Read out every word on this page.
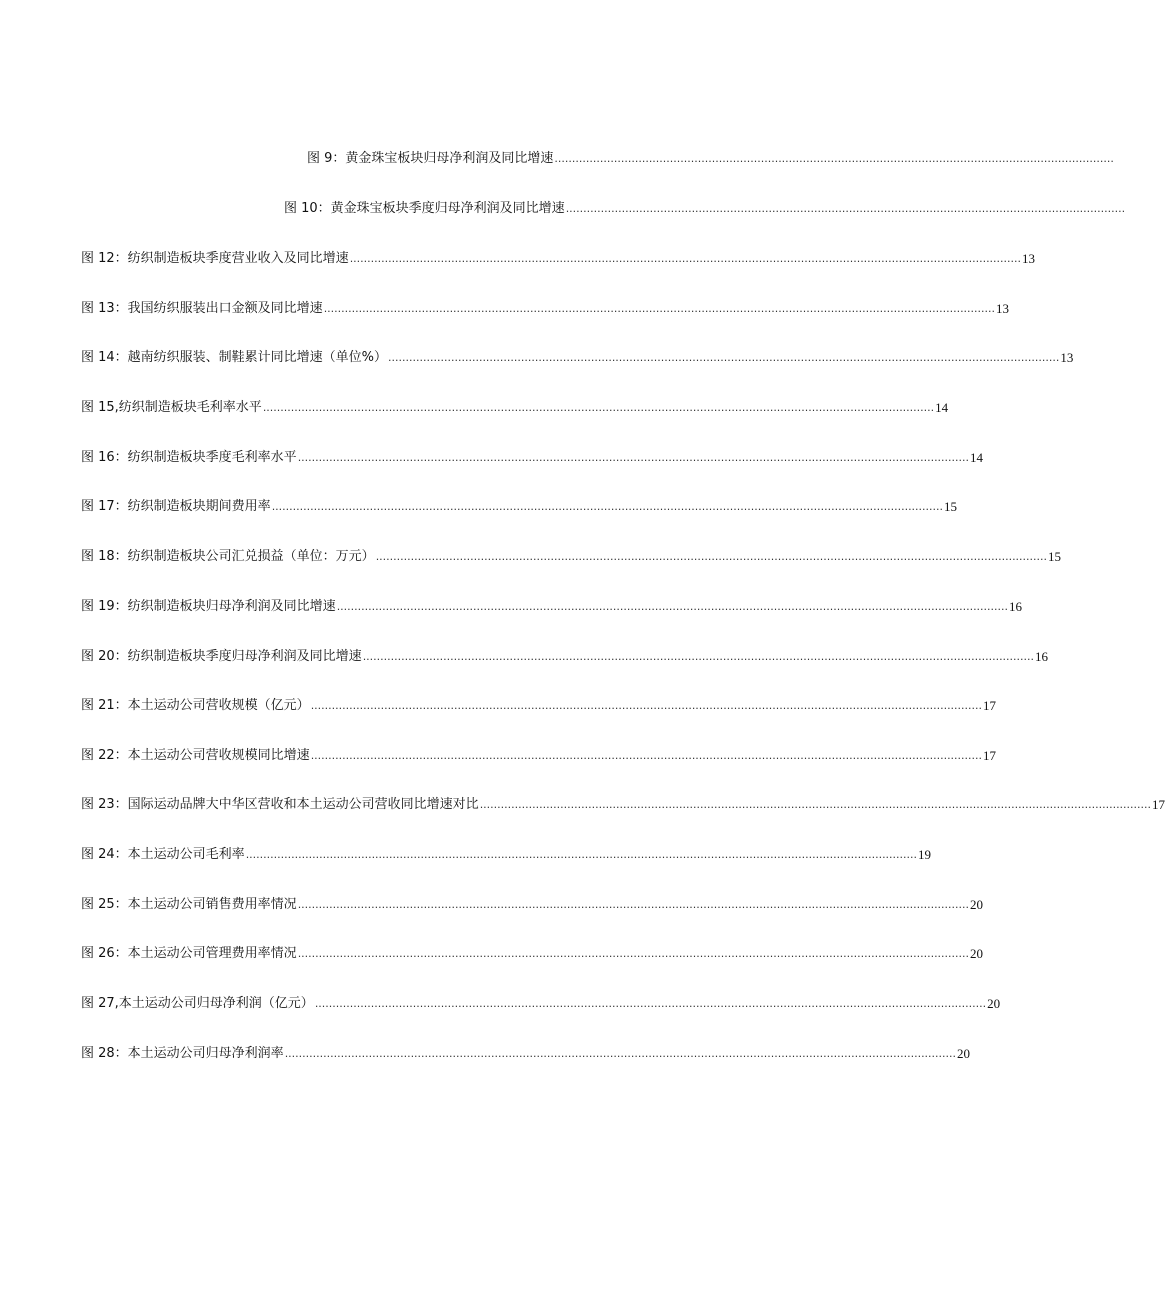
图 9：黄金珠宝板块归母净利润及同比增速 ................................................................................................................................................................
图 10：黄金珠宝板块季度归母净利润及同比增速 ................................................................................................................................................................
图 12：纺织制造板块季度营业收入及同比增速 ................................................................................................................................................................................................ 13
图 13：我国纺织服装出口金额及同比增速 ................................................................................................................................................................................................ 13
图 14：越南纺织服装、制鞋累计同比增速（单位%） ................................................................................................................................................................................................ 13
图 15,纺织制造板块毛利率水平 ................................................................................................................................................................................................ 14
图 16：纺织制造板块季度毛利率水平 ................................................................................................................................................................................................ 14
图 17：纺织制造板块期间费用率 ................................................................................................................................................................................................ 15
图 18：纺织制造板块公司汇兑损益（单位：万元） ................................................................................................................................................................................................ 15
图 19：纺织制造板块归母净利润及同比增速 ................................................................................................................................................................................................ 16
图 20：纺织制造板块季度归母净利润及同比增速 ................................................................................................................................................................................................ 16
图 21：本土运动公司营收规模（亿元） ................................................................................................................................................................................................ 17
图 22：本土运动公司营收规模同比增速 ................................................................................................................................................................................................ 17
图 23：国际运动品牌大中华区营收和本土运动公司营收同比增速对比 ................................................................................................................................................................................................ 17
图 24：本土运动公司毛利率 ................................................................................................................................................................................................ 19
图 25：本土运动公司销售费用率情况 ................................................................................................................................................................................................ 20
图 26：本土运动公司管理费用率情况 ................................................................................................................................................................................................ 20
图 27,本土运动公司归母净利润（亿元） ................................................................................................................................................................................................ 20
图 28：本土运动公司归母净利润率 ................................................................................................................................................................................................ 20
